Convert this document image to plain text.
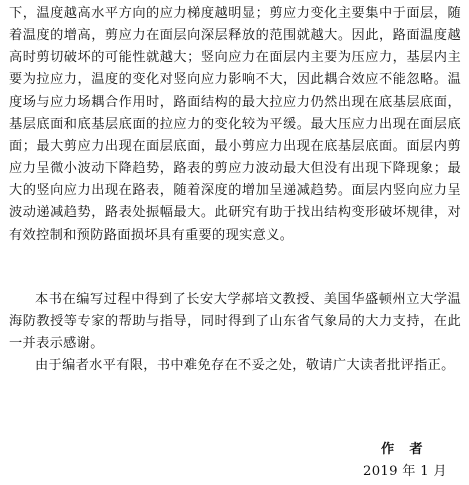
下，温度越高水平方向的应力梯度越明显；剪应力变化主要集中于面层，随着温度的增高，剪应力在面层向深层释放的范围就越大。因此，路面温度越高时剪切破坏的可能性就越大；竖向应力在面层内主要为压应力，基层内主要为拉应力，温度的变化对竖向应力影响不大，因此耦合效应不能忽略。温度场与应力场耦合作用时，路面结构的最大拉应力仍然出现在底基层底面，基层底面和底基层底面的拉应力的变化较为平缓。最大压应力出现在面层底面；最大剪应力出现在面层底面，最小剪应力出现在底基层底面。面层内剪应力呈微小波动下降趋势，路表的剪应力波动最大但没有出现下降现象；最大的竖向应力出现在路表，随着深度的增加呈递减趋势。面层内竖向应力呈波动递减趋势，路表处振幅最大。此研究有助于找出结构变形破坏规律，对有效控制和预防路面损坏具有重要的现实意义。

本书在编写过程中得到了长安大学郝培文教授、美国华盛顿州立大学温海防教授等专家的帮助与指导，同时得到了山东省气象局的大力支持，在此一并表示感谢。

由于编者水平有限，书中难免存在不妥之处，敬请广大读者批评指正。

作　者

2019 年 1 月
